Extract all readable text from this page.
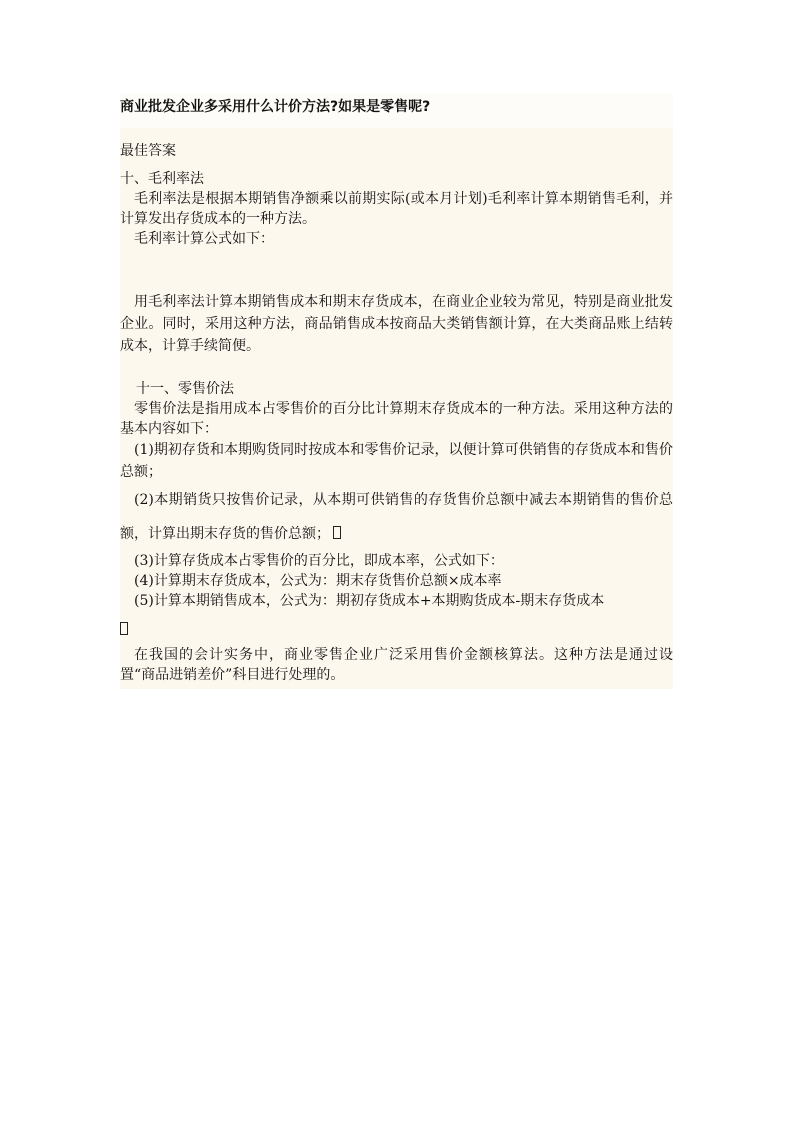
商业批发企业多采用什么计价方法?如果是零售呢?
最佳答案

十、毛利率法

毛利率法是根据本期销售净额乘以前期实际(或本月计划)毛利率计算本期销售毛利，并计算发出存货成本的一种方法。

毛利率计算公式如下：

用毛利率法计算本期销售成本和期末存货成本，在商业企业较为常见，特别是商业批发企业。同时，采用这种方法，商品销售成本按商品大类销售额计算，在大类商品账上结转成本，计算手续简便。

十一、零售价法

零售价法是指用成本占零售价的百分比计算期末存货成本的一种方法。采用这种方法的基本内容如下：

(1)期初存货和本期购货同时按成本和零售价记录，以便计算可供销售的存货成本和售价总额；

(2)本期销货只按售价记录，从本期可供销售的存货售价总额中减去本期销售的售价总额，计算出期末存货的售价总额；

(3)计算存货成本占零售价的百分比，即成本率，公式如下：

(4)计算期末存货成本，公式为：期末存货售价总额×成本率

(5)计算本期销售成本，公式为：期初存货成本+本期购货成本-期末存货成本

在我国的会计实务中，商业零售企业广泛采用售价金额核算法。这种方法是通过设置“商品进销差价”科目进行处理的。
